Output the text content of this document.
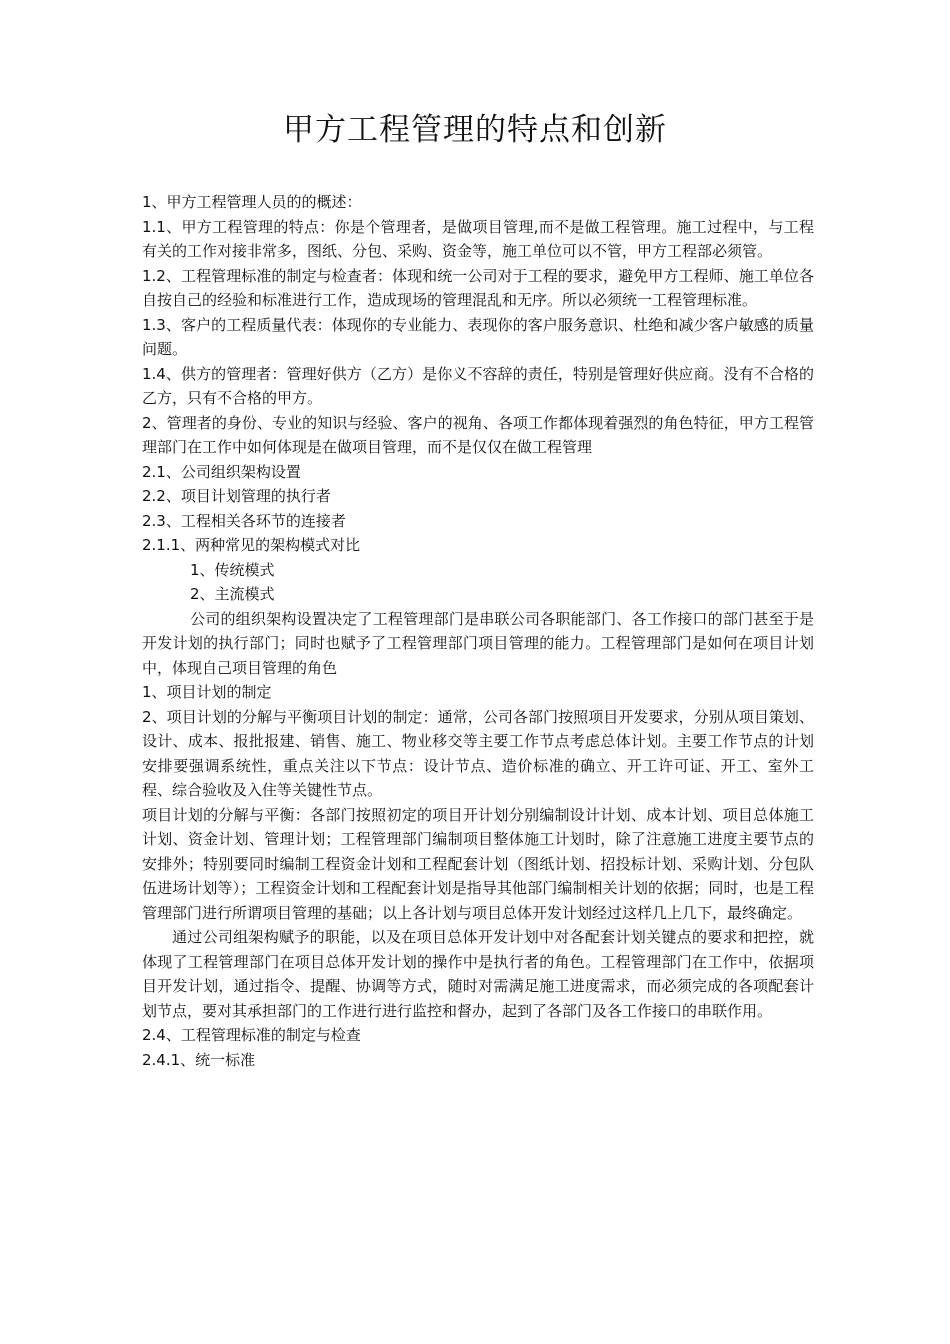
甲方工程管理的特点和创新

1、甲方工程管理人员的的概述：

1.1、甲方工程管理的特点：你是个管理者，是做项目管理,而不是做工程管理。施工过程中，与工程有关的工作对接非常多，图纸、分包、采购、资金等，施工单位可以不管，甲方工程部必须管。

1.2、工程管理标准的制定与检查者：体现和统一公司对于工程的要求，避免甲方工程师、施工单位各自按自己的经验和标准进行工作，造成现场的管理混乱和无序。所以必须统一工程管理标准。

1.3、客户的工程质量代表：体现你的专业能力、表现你的客户服务意识、杜绝和减少客户敏感的质量问题。

1.4、供方的管理者：管理好供方（乙方）是你义不容辞的责任，特别是管理好供应商。没有不合格的乙方，只有不合格的甲方。

2、管理者的身份、专业的知识与经验、客户的视角、各项工作都体现着强烈的角色特征，甲方工程管理部门在工作中如何体现是在做项目管理，而不是仅仅在做工程管理

2.1、公司组织架构设置

2.2、项目计划管理的执行者

2.3、工程相关各环节的连接者

2.1.1、两种常见的架构模式对比

1、传统模式

2、主流模式

公司的组织架构设置决定了工程管理部门是串联公司各职能部门、各工作接口的部门甚至于是开发计划的执行部门；同时也赋予了工程管理部门项目管理的能力。工程管理部门是如何在项目计划中，体现自己项目管理的角色

1、项目计划的制定

2、项目计划的分解与平衡项目计划的制定：通常，公司各部门按照项目开发要求，分别从项目策划、设计、成本、报批报建、销售、施工、物业移交等主要工作节点考虑总体计划。主要工作节点的计划安排要强调系统性，重点关注以下节点：设计节点、造价标准的确立、开工许可证、开工、室外工程、综合验收及入住等关键性节点。

项目计划的分解与平衡：各部门按照初定的项目开计划分别编制设计计划、成本计划、项目总体施工计划、资金计划、管理计划；工程管理部门编制项目整体施工计划时，除了注意施工进度主要节点的安排外；特别要同时编制工程资金计划和工程配套计划（图纸计划、招投标计划、采购计划、分包队伍进场计划等）；工程资金计划和工程配套计划是指导其他部门编制相关计划的依据；同时，也是工程管理部门进行所谓项目管理的基础；以上各计划与项目总体开发计划经过这样几上几下，最终确定。

通过公司组架构赋予的职能，以及在项目总体开发计划中对各配套计划关键点的要求和把控，就体现了工程管理部门在项目总体开发计划的操作中是执行者的角色。工程管理部门在工作中，依据项目开发计划，通过指令、提醒、协调等方式，随时对需满足施工进度需求，而必须完成的各项配套计划节点，要对其承担部门的工作进行进行监控和督办，起到了各部门及各工作接口的串联作用。

2.4、工程管理标准的制定与检查

2.4.1、统一标准
